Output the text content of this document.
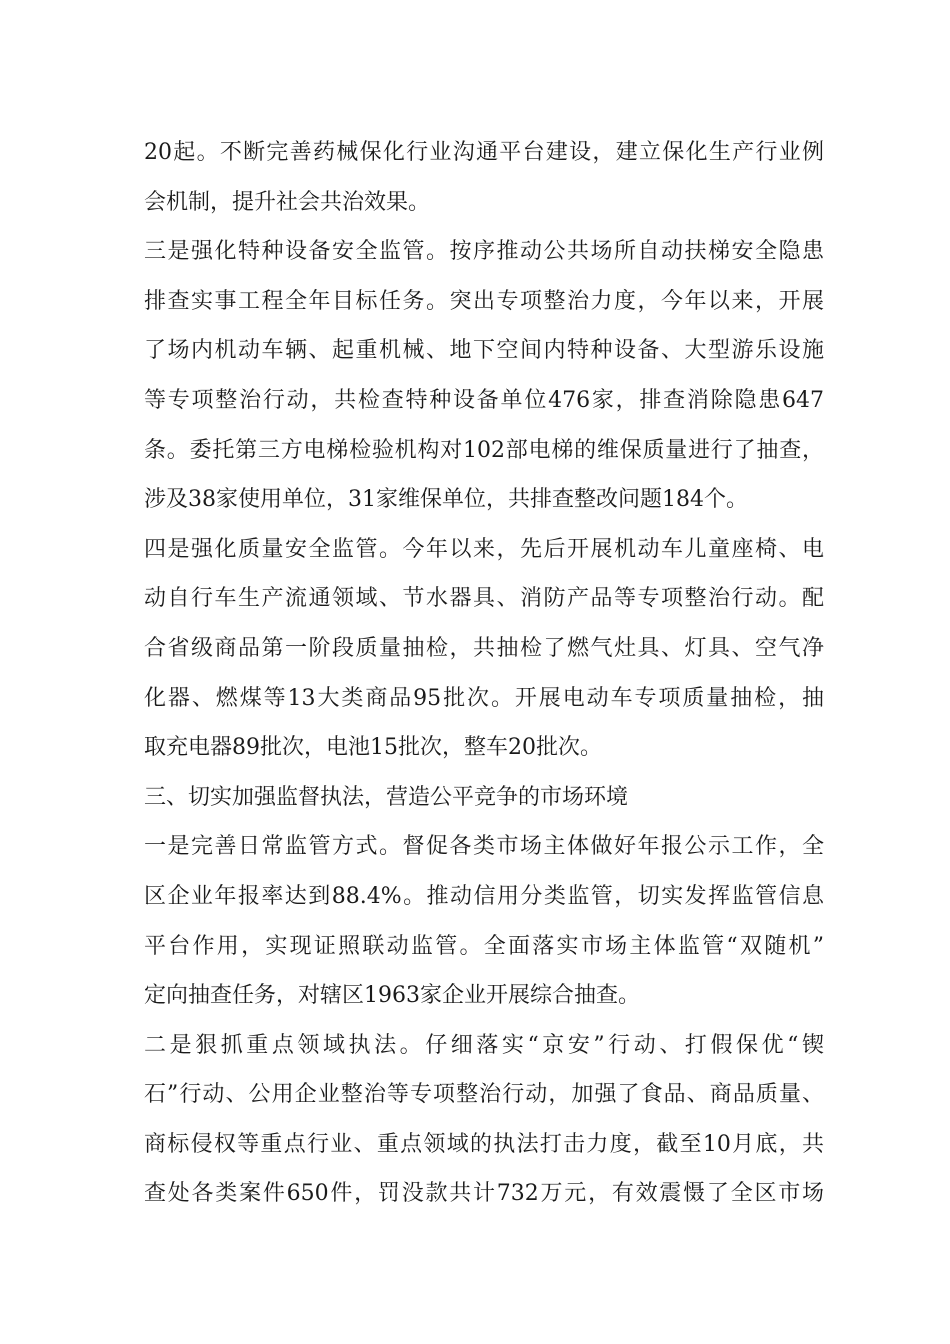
20起。不断完善药械保化行业沟通平台建设，建立保化生产行业例
会机制，提升社会共治效果。
三是强化特种设备安全监管。按序推动公共场所自动扶梯安全隐患
排查实事工程全年目标任务。突出专项整治力度，今年以来，开展
了场内机动车辆、起重机械、地下空间内特种设备、大型游乐设施
等专项整治行动，共检查特种设备单位476家，排查消除隐患647
条。委托第三方电梯检验机构对102部电梯的维保质量进行了抽查，
涉及38家使用单位，31家维保单位，共排查整改问题184个。
四是强化质量安全监管。今年以来，先后开展机动车儿童座椅、电
动自行车生产流通领域、节水器具、消防产品等专项整治行动。配
合省级商品第一阶段质量抽检，共抽检了燃气灶具、灯具、空气净
化器、燃煤等13大类商品95批次。开展电动车专项质量抽检，抽
取充电器89批次，电池15批次，整车20批次。
三、切实加强监督执法，营造公平竞争的市场环境
一是完善日常监管方式。督促各类市场主体做好年报公示工作，全
区企业年报率达到88.4%。推动信用分类监管，切实发挥监管信息
平台作用，实现证照联动监管。全面落实市场主体监管“双随机”
定向抽查任务，对辖区1963家企业开展综合抽查。
二是狠抓重点领域执法。仔细落实“京安”行动、打假保优“锲
石”行动、公用企业整治等专项整治行动，加强了食品、商品质量、
商标侵权等重点行业、重点领域的执法打击力度，截至10月底，共
查处各类案件650件，罚没款共计732万元，有效震慑了全区市场
